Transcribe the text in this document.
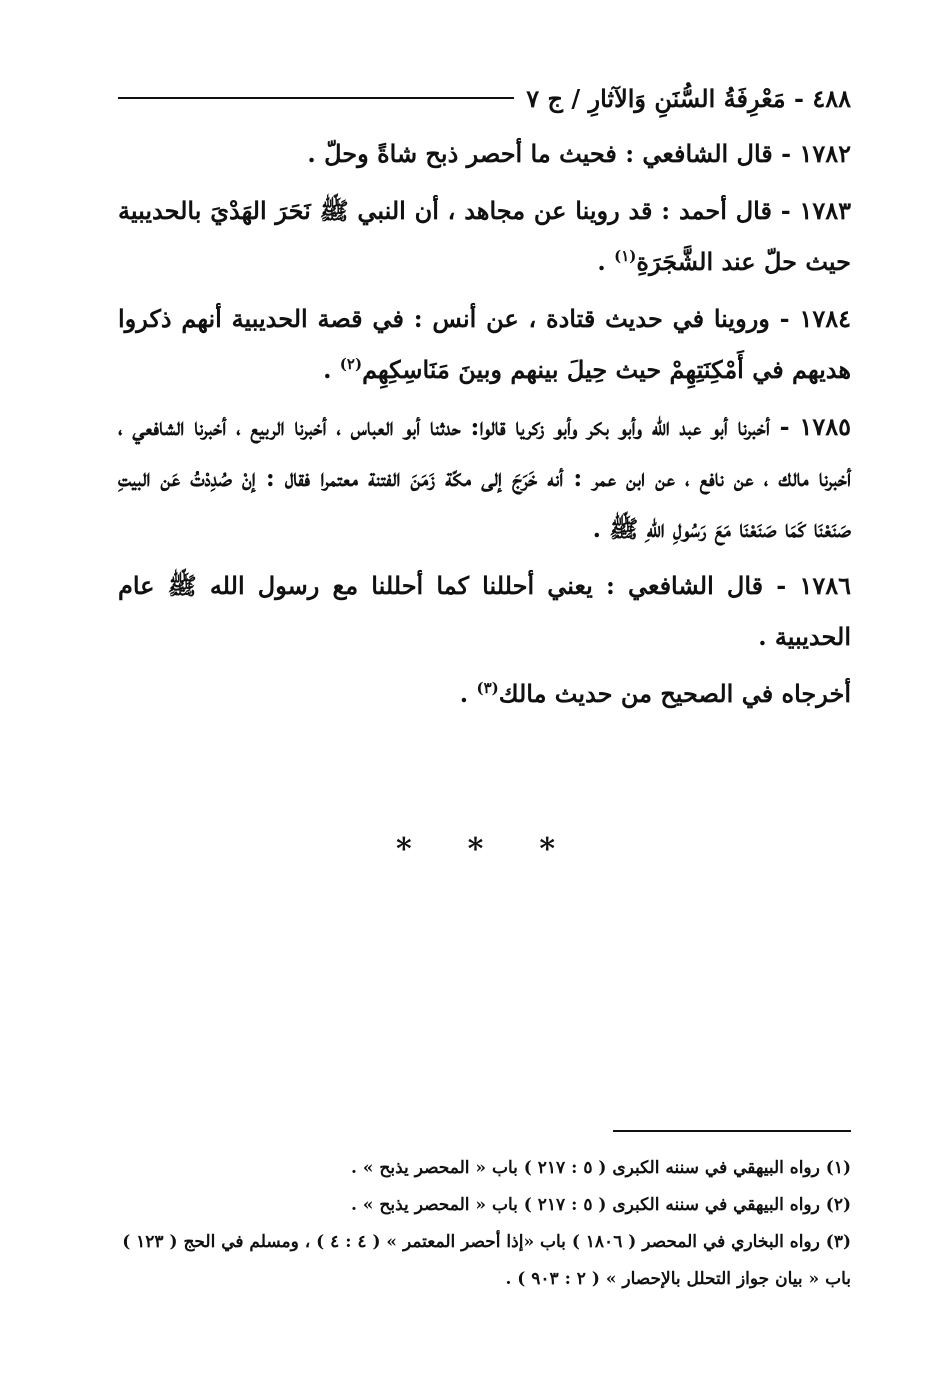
٤٨٨ - مَعْرِفَةُ السُّنَنِ وَالآثارِ / ج ٧

١٧٨٢ - قال الشافعي : فحيث ما أحصر ذبح شاةً وحلّ .

١٧٨٣ - قال أحمد : قد روينا عن مجاهد ، أن النبي ﷺ نَحَرَ الهَدْيَ بالحديبية حيث حلّ عند الشَّجَرَةِ$^{(١)}$ .

١٧٨٤ - وروينا في حديث قتادة ، عن أنس : في قصة الحديبية أنهم ذكروا هديهم في أَمْكِنَتِهِمْ حيث حِيلَ بينهم وبينَ مَنَاسِكِهِم$^{(٢)}$ .

١٧٨٥ - أخبرنا أبو عبد الله وأبو بكر وأبو زكريا قالوا: حدثنا أبو العباس ، أخبرنا الربيع ، أخبرنا الشافعي ، أخبرنا مالك ، عن نافع ، عن ابن عمر : أنه خَرَجَ إلى مكّة زَمَنَ الفتنة معتمرا فقال : إنْ صُدِدْتُ عَن البيتِ صَنَعْنَا كَمَا صَنَعْنَا مَعَ رَسُولِ اللهِ ﷺ .

١٧٨٦ - قال الشافعي : يعني أحللنا كما أحللنا مع رسول الله ﷺ عام الحديبية .

أخرجاه في الصحيح من حديث مالك$^{(٣)}$ .

* * *

(١) رواه البيهقي في سننه الكبرى ( ٥ : ٢١٧ ) باب « المحصر يذبح » .

(٢) رواه البيهقي في سننه الكبرى ( ٥ : ٢١٧ ) باب « المحصر يذبح » .

(٣) رواه البخاري في المحصر ( ١٨٠٦ ) باب «إذا أحصر المعتمر » ( ٤ : ٤ ) ، ومسلم في الحج ( ١٢٣ ) باب « بيان جواز التحلل بالإحصار » ( ٢ : ٩٠٣ ) .
